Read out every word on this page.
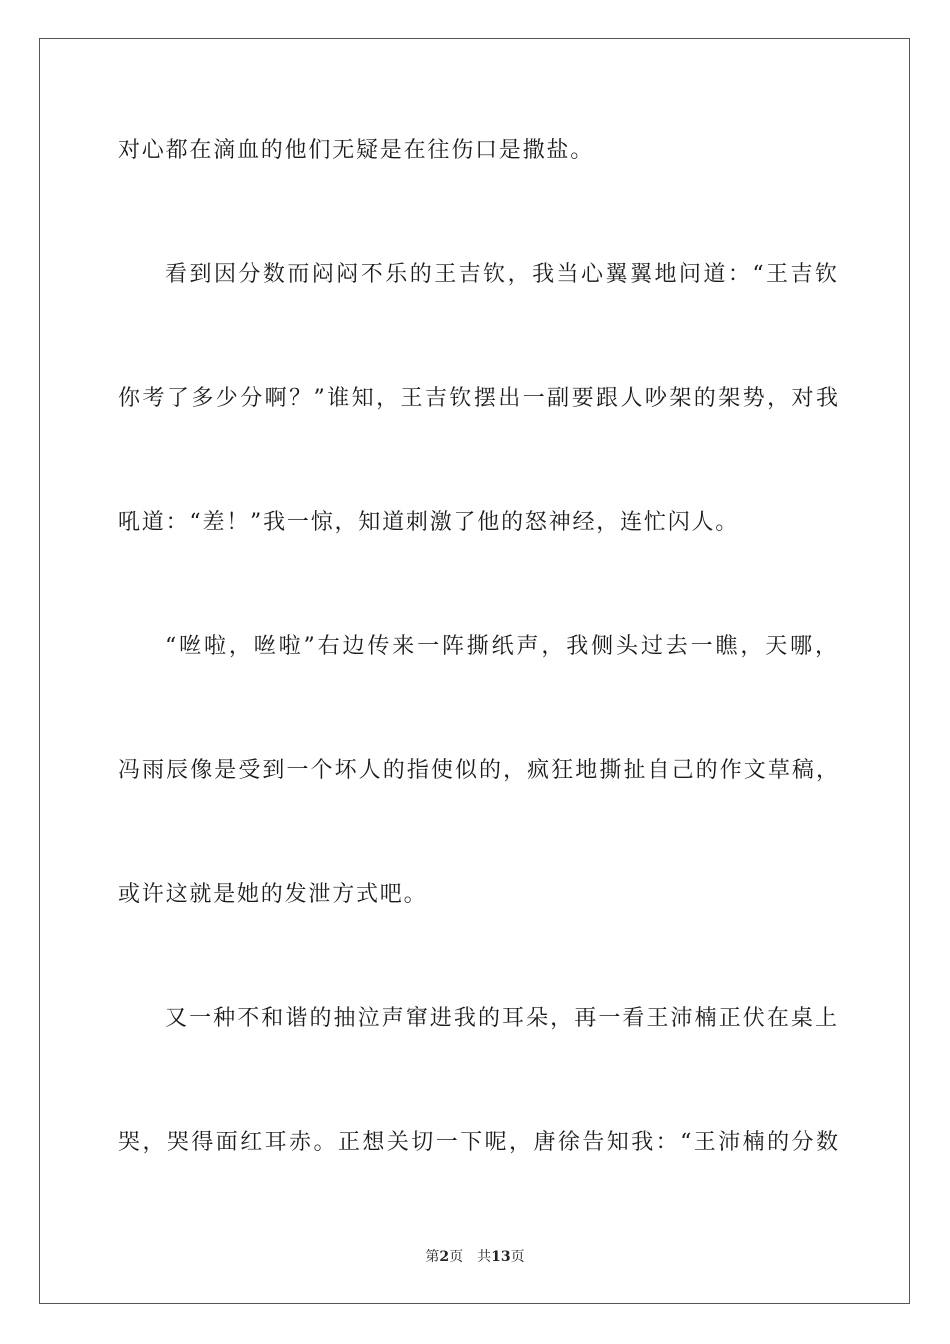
对心都在滴血的他们无疑是在往伤口是撒盐。
看到因分数而闷闷不乐的王吉钦，我当心翼翼地问道：“王吉钦
你考了多少分啊？”谁知，王吉钦摆出一副要跟人吵架的架势，对我
吼道：“差！”我一惊，知道刺激了他的怒神经，连忙闪人。
“咝啦，咝啦”右边传来一阵撕纸声，我侧头过去一瞧，天哪，
冯雨辰像是受到一个坏人的指使似的，疯狂地撕扯自己的作文草稿，
或许这就是她的发泄方式吧。
又一种不和谐的抽泣声窜进我的耳朵，再一看王沛楠正伏在桌上
哭，哭得面红耳赤。正想关切一下呢，唐徐告知我：“王沛楠的分数
第2页 共13页
